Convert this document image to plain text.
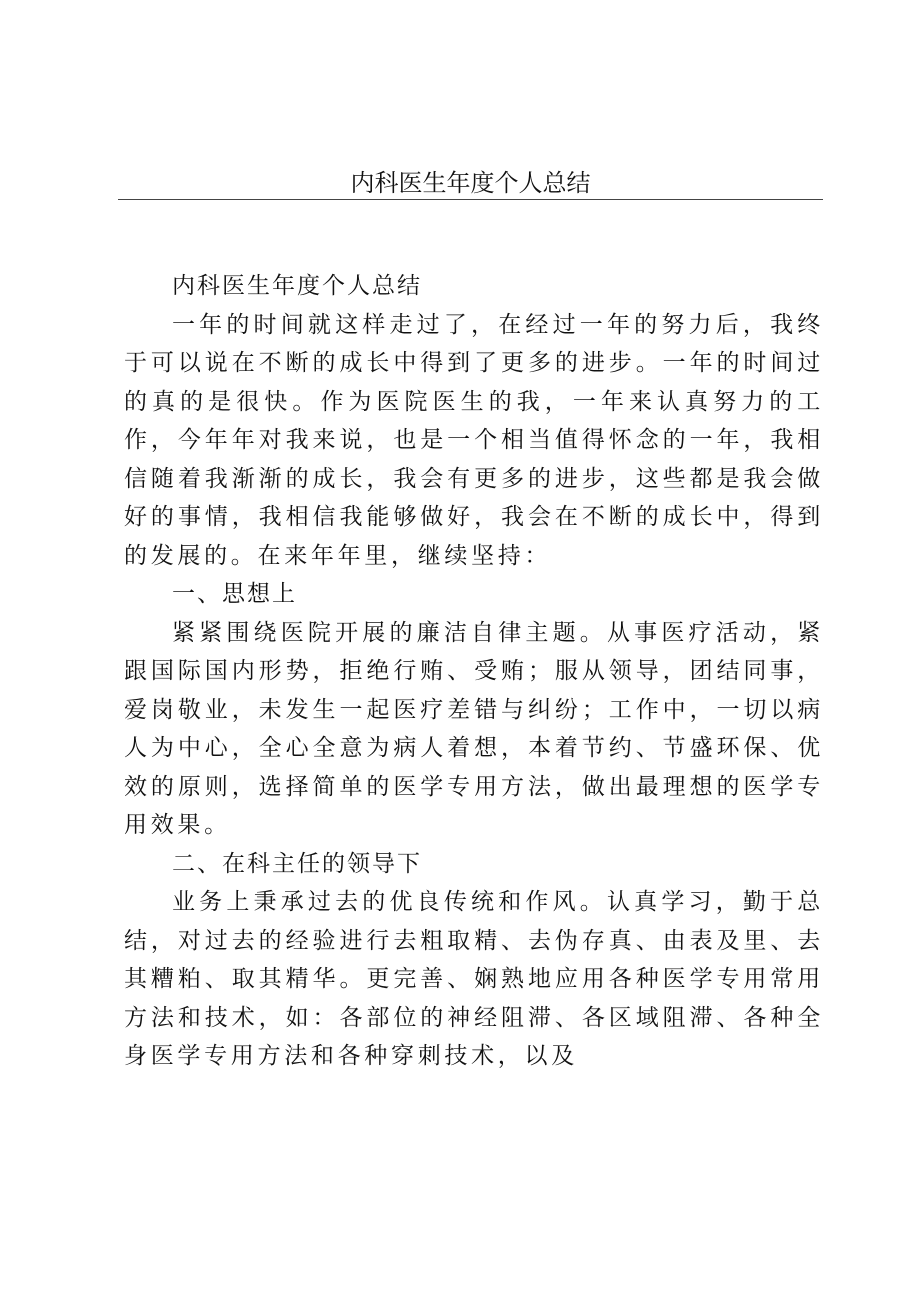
内科医生年度个人总结

内科医生年度个人总结

一年的时间就这样走过了，在经过一年的努力后，我终于可以说在不断的成长中得到了更多的进步。一年的时间过的真的是很快。作为医院医生的我，一年来认真努力的工作，今年年对我来说，也是一个相当值得怀念的一年，我相信随着我渐渐的成长，我会有更多的进步，这些都是我会做好的事情，我相信我能够做好，我会在不断的成长中，得到的发展的。在来年年里，继续坚持：

一、思想上

紧紧围绕医院开展的廉洁自律主题。从事医疗活动，紧跟国际国内形势，拒绝行贿、受贿；服从领导，团结同事，爱岗敬业，未发生一起医疗差错与纠纷；工作中，一切以病人为中心，全心全意为病人着想，本着节约、节盛环保、优效的原则，选择简单的医学专用方法，做出最理想的医学专用效果。

二、在科主任的领导下

业务上秉承过去的优良传统和作风。认真学习，勤于总结，对过去的经验进行去粗取精、去伪存真、由表及里、去其糟粕、取其精华。更完善、娴熟地应用各种医学专用常用方法和技术，如：各部位的神经阻滞、各区域阻滞、各种全身医学专用方法和各种穿刺技术，以及
